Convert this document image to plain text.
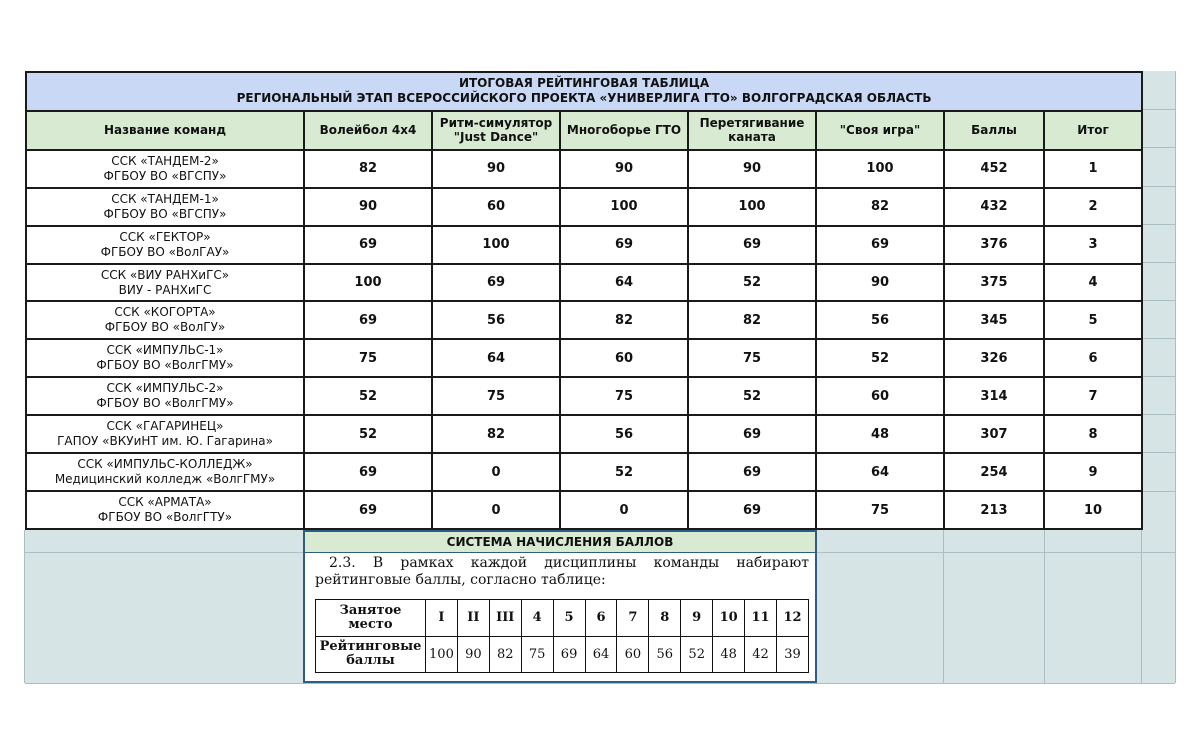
ИТОГОВАЯ РЕЙТИНГОВАЯ ТАБЛИЦА
РЕГИОНАЛЬНЫЙ ЭТАП ВСЕРОССИЙСКОГО ПРОЕКТА «УНИВЕРЛИГА ГТО» ВОЛГОГРАДСКАЯ ОБЛАСТЬ							

Название команд	Волейбол 4х4	Ритм-симулятор "Just Dance"	Многоборье ГТО	Перетягивание каната	"Своя игра"	Баллы	Итог

ССК «ТАНДЕМ-2»
ФГБОУ ВО «ВГСПУ»	82	90	90	90	100	452	1

ССК «ТАНДЕМ-1»
ФГБОУ ВО «ВГСПУ»	90	60	100	100	82	432	2

ССК «ГЕКТОР»
ФГБОУ ВО «ВолГАУ»	69	100	69	69	69	376	3

ССК «ВИУ РАНХиГС»
ВИУ - РАНХиГС	100	69	64	52	90	375	4

ССК «КОГОРТА»
ФГБОУ ВО «ВолГУ»	69	56	82	82	56	345	5

ССК «ИМПУЛЬС-1»
ФГБОУ ВО «ВолгГМУ»	75	64	60	75	52	326	6

ССК «ИМПУЛЬС-2»
ФГБОУ ВО «ВолгГМУ»	52	75	75	52	60	314	7

ССК «ГАГАРИНЕЦ»
ГАПОУ «ВКУиНТ им. Ю. Гагарина»	52	82	56	69	48	307	8

ССК «ИМПУЛЬС-КОЛЛЕДЖ»
Медицинский колледж «ВолгГМУ»	69	0	52	69	64	254	9

ССК «АРМАТА»
ФГБОУ ВО «ВолгГТУ»	69	0	0	69	75	213	10
СИСТЕМА НАЧИСЛЕНИЯ БАЛЛОВ
2.3. В рамках каждой дисциплины команды набирают рейтинговые баллы, согласно таблице:
Занятое
место	I	II	III	4	5	6	7	8	9	10	11	12

Рейтинговые
баллы	100	90	82	75	69	64	60	56	52	48	42	39
